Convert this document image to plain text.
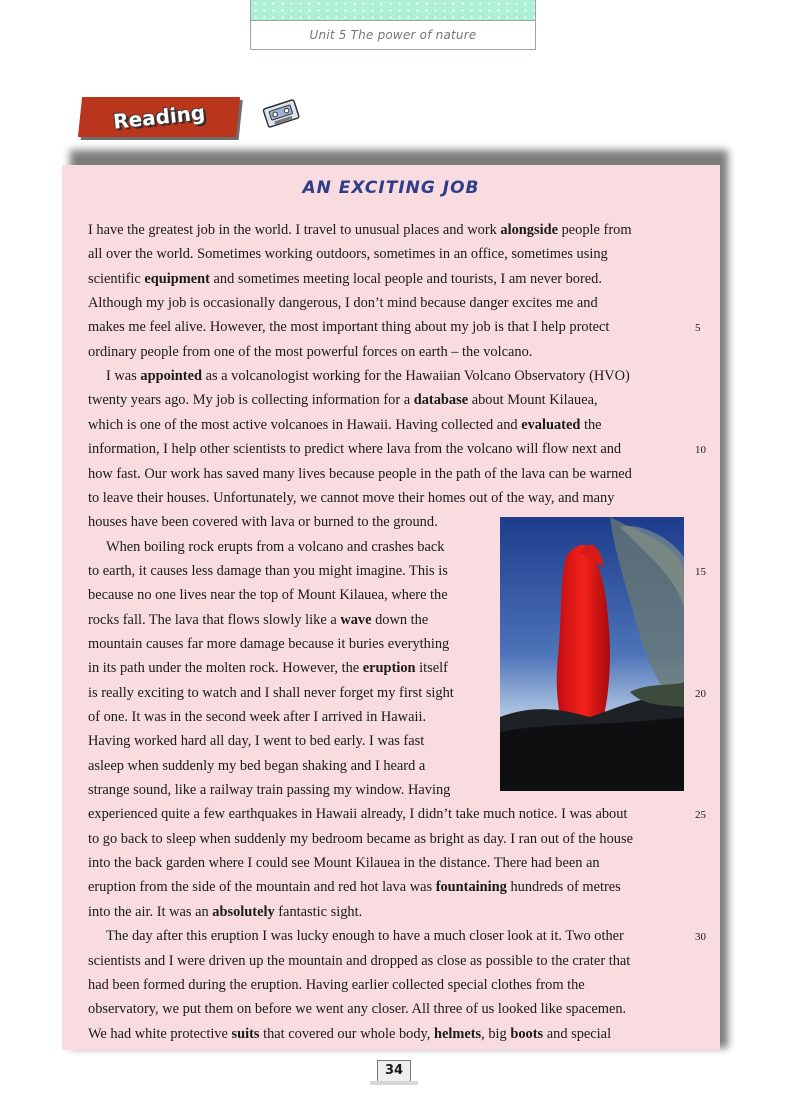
Unit 5 The power of nature
Reading
AN EXCITING JOB
I have the greatest job in the world. I travel to unusual places and work alongside people from
all over the world. Sometimes working outdoors, sometimes in an office, sometimes using
scientific equipment and sometimes meeting local people and tourists, I am never bored.
Although my job is occasionally dangerous, I don’t mind because danger excites me and
makes me feel alive. However, the most important thing about my job is that I help protect
ordinary people from one of the most powerful forces on earth – the volcano.
I was appointed as a volcanologist working for the Hawaiian Volcano Observatory (HVO)
twenty years ago. My job is collecting information for a database about Mount Kilauea,
which is one of the most active volcanoes in Hawaii. Having collected and evaluated the
information, I help other scientists to predict where lava from the volcano will flow next and
how fast. Our work has saved many lives because people in the path of the lava can be warned
to leave their houses. Unfortunately, we cannot move their homes out of the way, and many
houses have been covered with lava or burned to the ground.
When boiling rock erupts from a volcano and crashes back
to earth, it causes less damage than you might imagine. This is
because no one lives near the top of Mount Kilauea, where the
rocks fall. The lava that flows slowly like a wave down the
mountain causes far more damage because it buries everything
in its path under the molten rock. However, the eruption itself
is really exciting to watch and I shall never forget my first sight
of one. It was in the second week after I arrived in Hawaii.
Having worked hard all day, I went to bed early. I was fast
asleep when suddenly my bed began shaking and I heard a
strange sound, like a railway train passing my window. Having
experienced quite a few earthquakes in Hawaii already, I didn’t take much notice. I was about
to go back to sleep when suddenly my bedroom became as bright as day. I ran out of the house
into the back garden where I could see Mount Kilauea in the distance. There had been an
eruption from the side of the mountain and red hot lava was fountaining hundreds of metres
into the air. It was an absolutely fantastic sight.
The day after this eruption I was lucky enough to have a much closer look at it. Two other
scientists and I were driven up the mountain and dropped as close as possible to the crater that
had been formed during the eruption. Having earlier collected special clothes from the
observatory, we put them on before we went any closer. All three of us looked like spacemen.
We had white protective suits that covered our whole body, helmets, big boots and special
5
10
15
20
25
30
34
